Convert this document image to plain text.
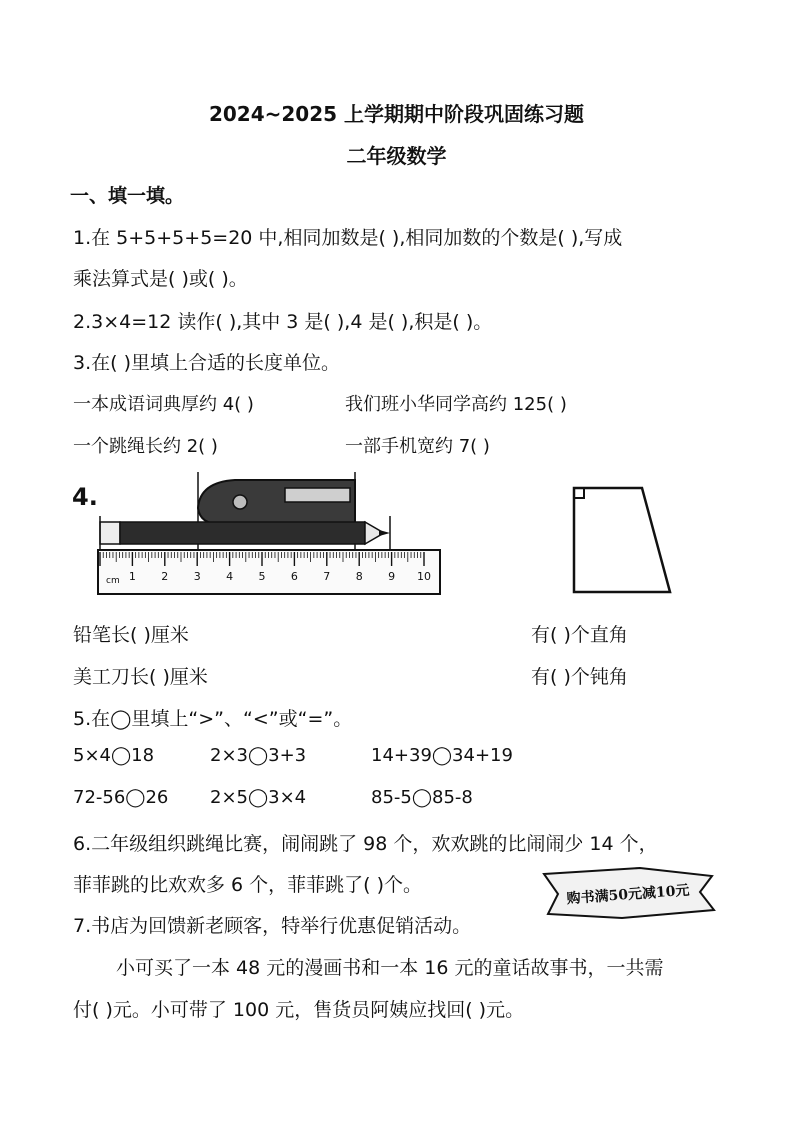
2024~2025 上学期期中阶段巩固练习题
二年级数学
一、填一填。
1.在 5+5+5+5=20 中,相同加数是( ),相同加数的个数是( ),写成
乘法算式是( )或( )。
2.3×4=12 读作( ),其中 3 是( ),4 是( ),积是( )。
3.在( )里填上合适的长度单位。
一本成语词典厚约 4( )	我们班小华同学高约 125( )
一个跳绳长约 2( )	一部手机宽约 7( )
4.
1 2 3 4 5 6 7 8 9 10
cm
铅笔长( )厘米	有( )个直角
美工刀长( )厘米	有( )个钝角
5.在◯里填上“>”、“<”或“=”。
5×4◯18	2×3◯3+3	14+39◯34+19
72-56◯26 2×5◯3×4	85-5◯85-8
6.二年级组织跳绳比赛，闹闹跳了 98 个，欢欢跳的比闹闹少 14 个，
菲菲跳的比欢欢多 6 个，菲菲跳了( )个。	购书满50元减10元
7.书店为回馈新老顾客，特举行优惠促销活动。
小可买了一本 48 元的漫画书和一本 16 元的童话故事书，一共需
付( )元。小可带了 100 元，售货员阿姨应找回( )元。
